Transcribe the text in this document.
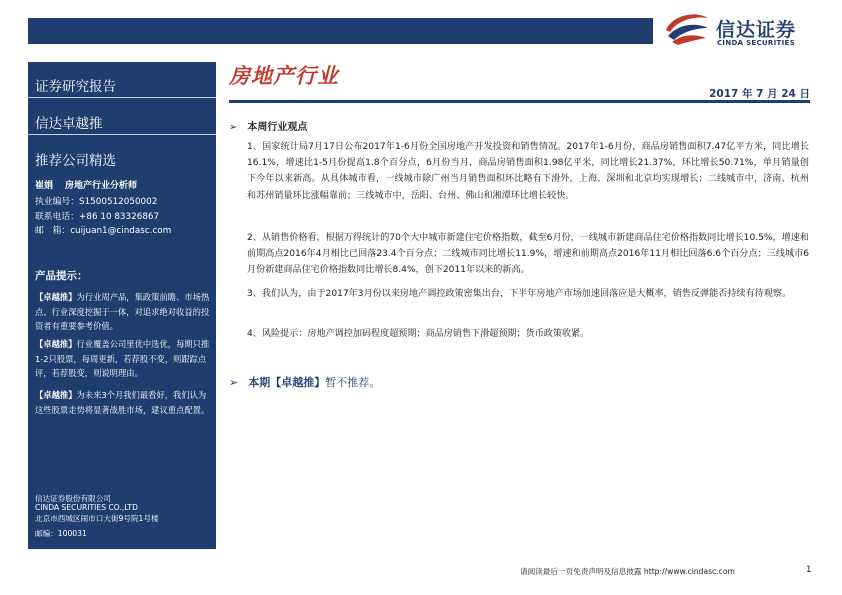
信达证券
CINDA SECURITIES
证券研究报告
信达卓越推
推荐公司精选
崔娟 房地产行业分析师
执业编号：S1500512050002
联系电话：+86 10 83326867
邮　箱：cuijuan1@cindasc.com
产品提示：
【卓越推】为行业周产品，集政策前瞻、市场热点、行业深度挖掘于一体，对追求绝对收益的投资者有重要参考价值。
【卓越推】行业覆盖公司里优中选优，每期只推1-2只股票，每周更新，若荐股不变，则跟踪点评，若荐股变，则说明理由。
【卓越推】为未来3个月我们最看好，我们认为这些股票走势将显著战胜市场，建议重点配置。
信达证券股份有限公司
CINDA SECURITIES CO.,LTD
北京市西城区闹市口大街9号院1号楼
邮编：100031
房地产行业
2017 年 7 月 24 日
➢ 本周行业观点
1、国家统计局7月17日公布2017年1-6月份全国房地产开发投资和销售情况。2017年1-6月份，商品房销售面积7.47亿平方米，同比增长16.1%，增速比1-5月份提高1.8个百分点，6月份当月，商品房销售面积1.98亿平米，同比增长21.37%，环比增长50.71%，单月销量创下今年以来新高。从具体城市看，一线城市除广州当月销售面积环比略有下滑外，上海、深圳和北京均实现增长；二线城市中，济南、杭州和苏州销量环比涨幅靠前；三线城市中，岳阳、台州、佛山和湘潭环比增长较快。
2、从销售价格看，根据万得统计的70个大中城市新建住宅价格指数，截至6月份，一线城市新建商品住宅价格指数同比增长10.5%，增速和前期高点2016年4月相比已回落23.4个百分点；二线城市同比增长11.9%，增速和前期高点2016年11月相比回落6.6个百分点；三线城市6月份新建商品住宅价格指数同比增长8.4%，创下2011年以来的新高。
3、我们认为，由于2017年3月份以来房地产调控政策密集出台，下半年房地产市场加速回落应是大概率，销售反弹能否持续有待观察。
4、风险提示：房地产调控加码程度超预期；商品房销售下滑超预期；货币政策收紧。
➢ 本期【卓越推】暂不推荐。
请阅读最后一页免责声明及信息披露 http://www.cindasc.com	1
